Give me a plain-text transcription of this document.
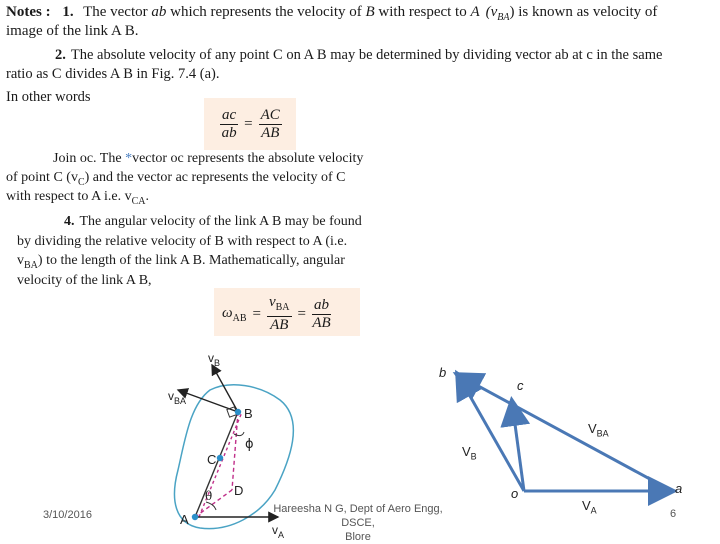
Notes : 1. The vector ab which represents the velocity of B with respect to A $(v_{BA})$ is known as velocity of
image of the link A B.
2. The absolute velocity of any point C on A B may be determined by dividing vector ab at c in the same
ratio as C divides A B in Fig. 7.4 (a).
In other words
$\frac{ac}{ab} = \frac{AC}{AB}$
Join oc. The *vector oc represents the absolute velocity
of point C $(v_C)$ and the vector ac represents the velocity of C
with respect to A i.e. $v_{CA}$.
4. The angular velocity of the link A B may be found
by dividing the relative velocity of B with respect to A (i.e.
$v_{BA}$) to the length of the link A B. Mathematically, angular
velocity of the link A B,
$\omega_{AB} = \frac{v_{BA}}{AB} = \frac{ab}{AB}$
$v_B$
$v_{BA}$
B
C
D
A
ϕ
θ
$v_A$
b
c
o	a
$V_{BA}$
$V_B$
$V_A$
3/10/2016	Hareesha N G, Dept of Aero Engg, DSCE,
Blore
6
